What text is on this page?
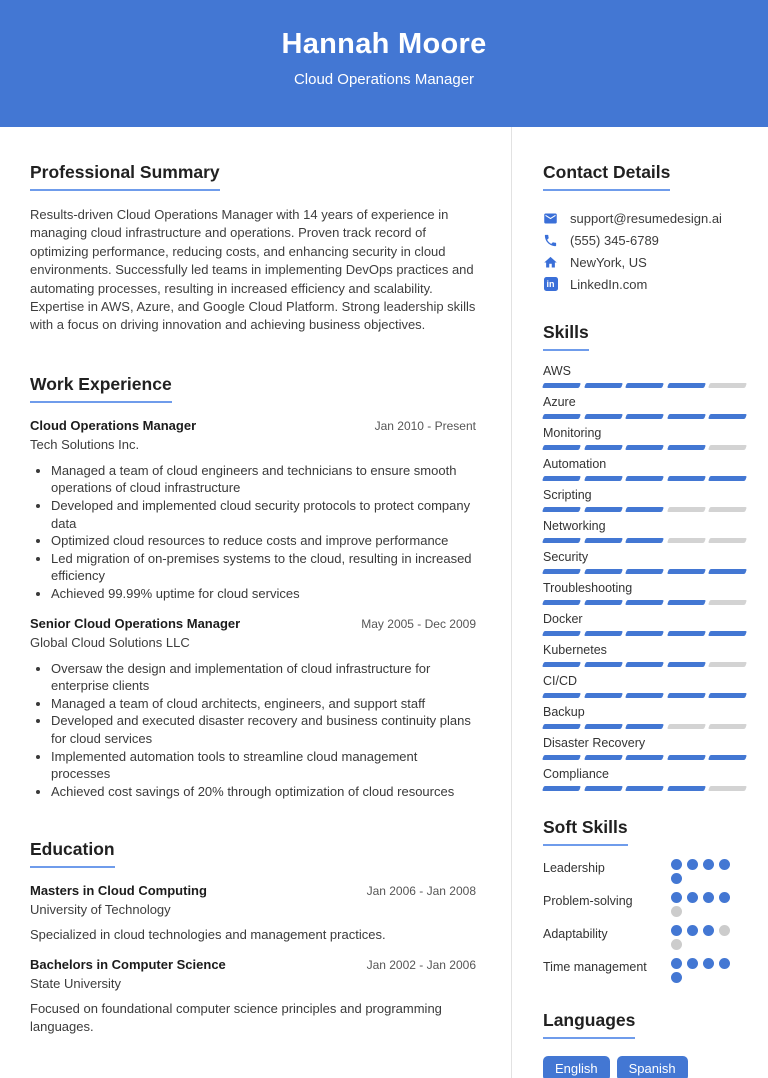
Hannah Moore
Cloud Operations Manager
Professional Summary

Results-driven Cloud Operations Manager with 14 years of experience in managing cloud infrastructure and operations. Proven track record of optimizing performance, reducing costs, and enhancing security in cloud environments. Successfully led teams in implementing DevOps practices and automating processes, resulting in increased efficiency and scalability. Expertise in AWS, Azure, and Google Cloud Platform. Strong leadership skills with a focus on driving innovation and achieving business objectives.

Work Experience
Cloud Operations Manager	Jan 2010 - Present
Tech Solutions Inc.
• Managed a team of cloud engineers and technicians to ensure smooth operations of cloud infrastructure
• Developed and implemented cloud security protocols to protect company data
• Optimized cloud resources to reduce costs and improve performance
• Led migration of on-premises systems to the cloud, resulting in increased efficiency
• Achieved 99.99% uptime for cloud services
Senior Cloud Operations Manager	May 2005 - Dec 2009
Global Cloud Solutions LLC
• Oversaw the design and implementation of cloud infrastructure for enterprise clients
• Managed a team of cloud architects, engineers, and support staff
• Developed and executed disaster recovery and business continuity plans for cloud services
• Implemented automation tools to streamline cloud management processes
• Achieved cost savings of 20% through optimization of cloud resources
Education
Masters in Cloud Computing	Jan 2006 - Jan 2008
University of Technology
Specialized in cloud technologies and management practices.
Bachelors in Computer Science	Jan 2002 - Jan 2006
State University
Focused on foundational computer science principles and programming languages.
Contact Details
support@resumedesign.ai
(555) 345-6789
NewYork, US
in LinkedIn.com
Skills
AWS
Azure
Monitoring
Automation
Scripting
Networking
Security
Troubleshooting
Docker
Kubernetes
CI/CD
Backup
Disaster Recovery
Compliance
Soft Skills
Leadership
Problem-solving
Adaptability
Time management
Languages
English	Spanish
